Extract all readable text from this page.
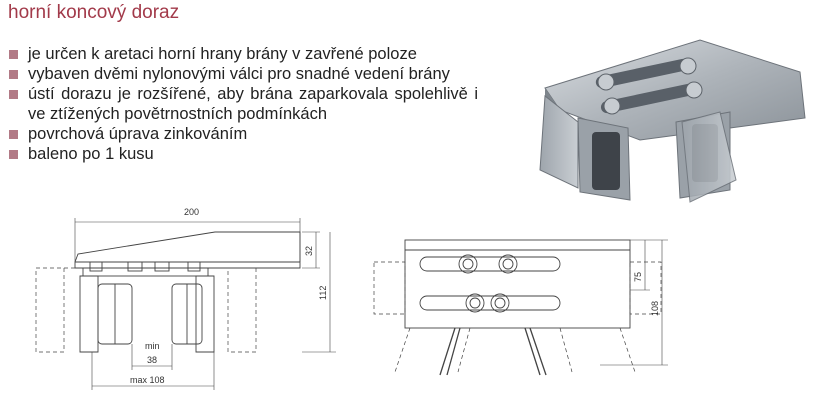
horní koncový doraz
je určen k aretaci horní hrany brány v zavřené poloze
vybaven dvěmi nylonovými válci pro snadné vedení brány
ústí dorazu je rozšířené, aby brána zaparkovala spolehlivě i ve ztížených povětrnostních podmínkách
povrchová úprava zinkováním
baleno po 1 kusu
200
32
112
min
38
max 108
75
108
